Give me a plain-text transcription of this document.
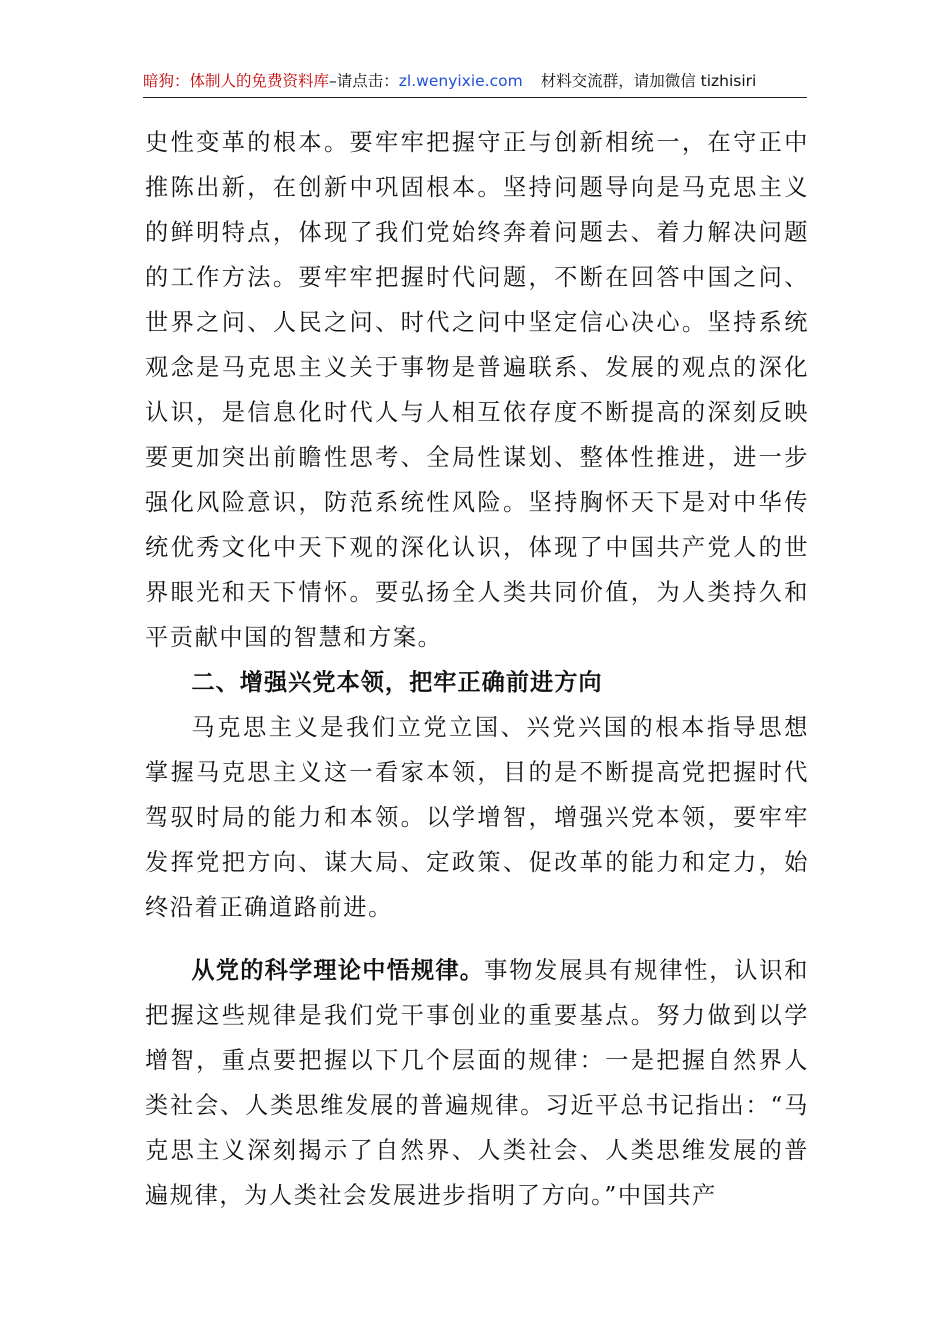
暗狗：体制人的免费资料库–请点击：zl.wenyixie.com 材料交流群，请加微信 tizhisiri

史性变革的根本。要牢牢把握守正与创新相统一，在守正中推陈出新，在创新中巩固根本。坚持问题导向是马克思主义的鲜明特点，体现了我们党始终奔着问题去、着力解决问题的工作方法。要牢牢把握时代问题，不断在回答中国之问、世界之问、人民之问、时代之问中坚定信心决心。坚持系统观念是马克思主义关于事物是普遍联系、发展的观点的深化认识，是信息化时代人与人相互依存度不断提高的深刻反映要更加突出前瞻性思考、全局性谋划、整体性推进，进一步强化风险意识，防范系统性风险。坚持胸怀天下是对中华传统优秀文化中天下观的深化认识，体现了中国共产党人的世界眼光和天下情怀。要弘扬全人类共同价值，为人类持久和平贡献中国的智慧和方案。

二、增强兴党本领，把牢正确前进方向

马克思主义是我们立党立国、兴党兴国的根本指导思想掌握马克思主义这一看家本领，目的是不断提高党把握时代驾驭时局的能力和本领。以学增智，增强兴党本领，要牢牢发挥党把方向、谋大局、定政策、促改革的能力和定力，始终沿着正确道路前进。

从党的科学理论中悟规律。事物发展具有规律性，认识和把握这些规律是我们党干事创业的重要基点。努力做到以学增智，重点要把握以下几个层面的规律：一是把握自然界人类社会、人类思维发展的普遍规律。习近平总书记指出：“马克思主义深刻揭示了自然界、人类社会、人类思维发展的普遍规律，为人类社会发展进步指明了方向。”中国共产
